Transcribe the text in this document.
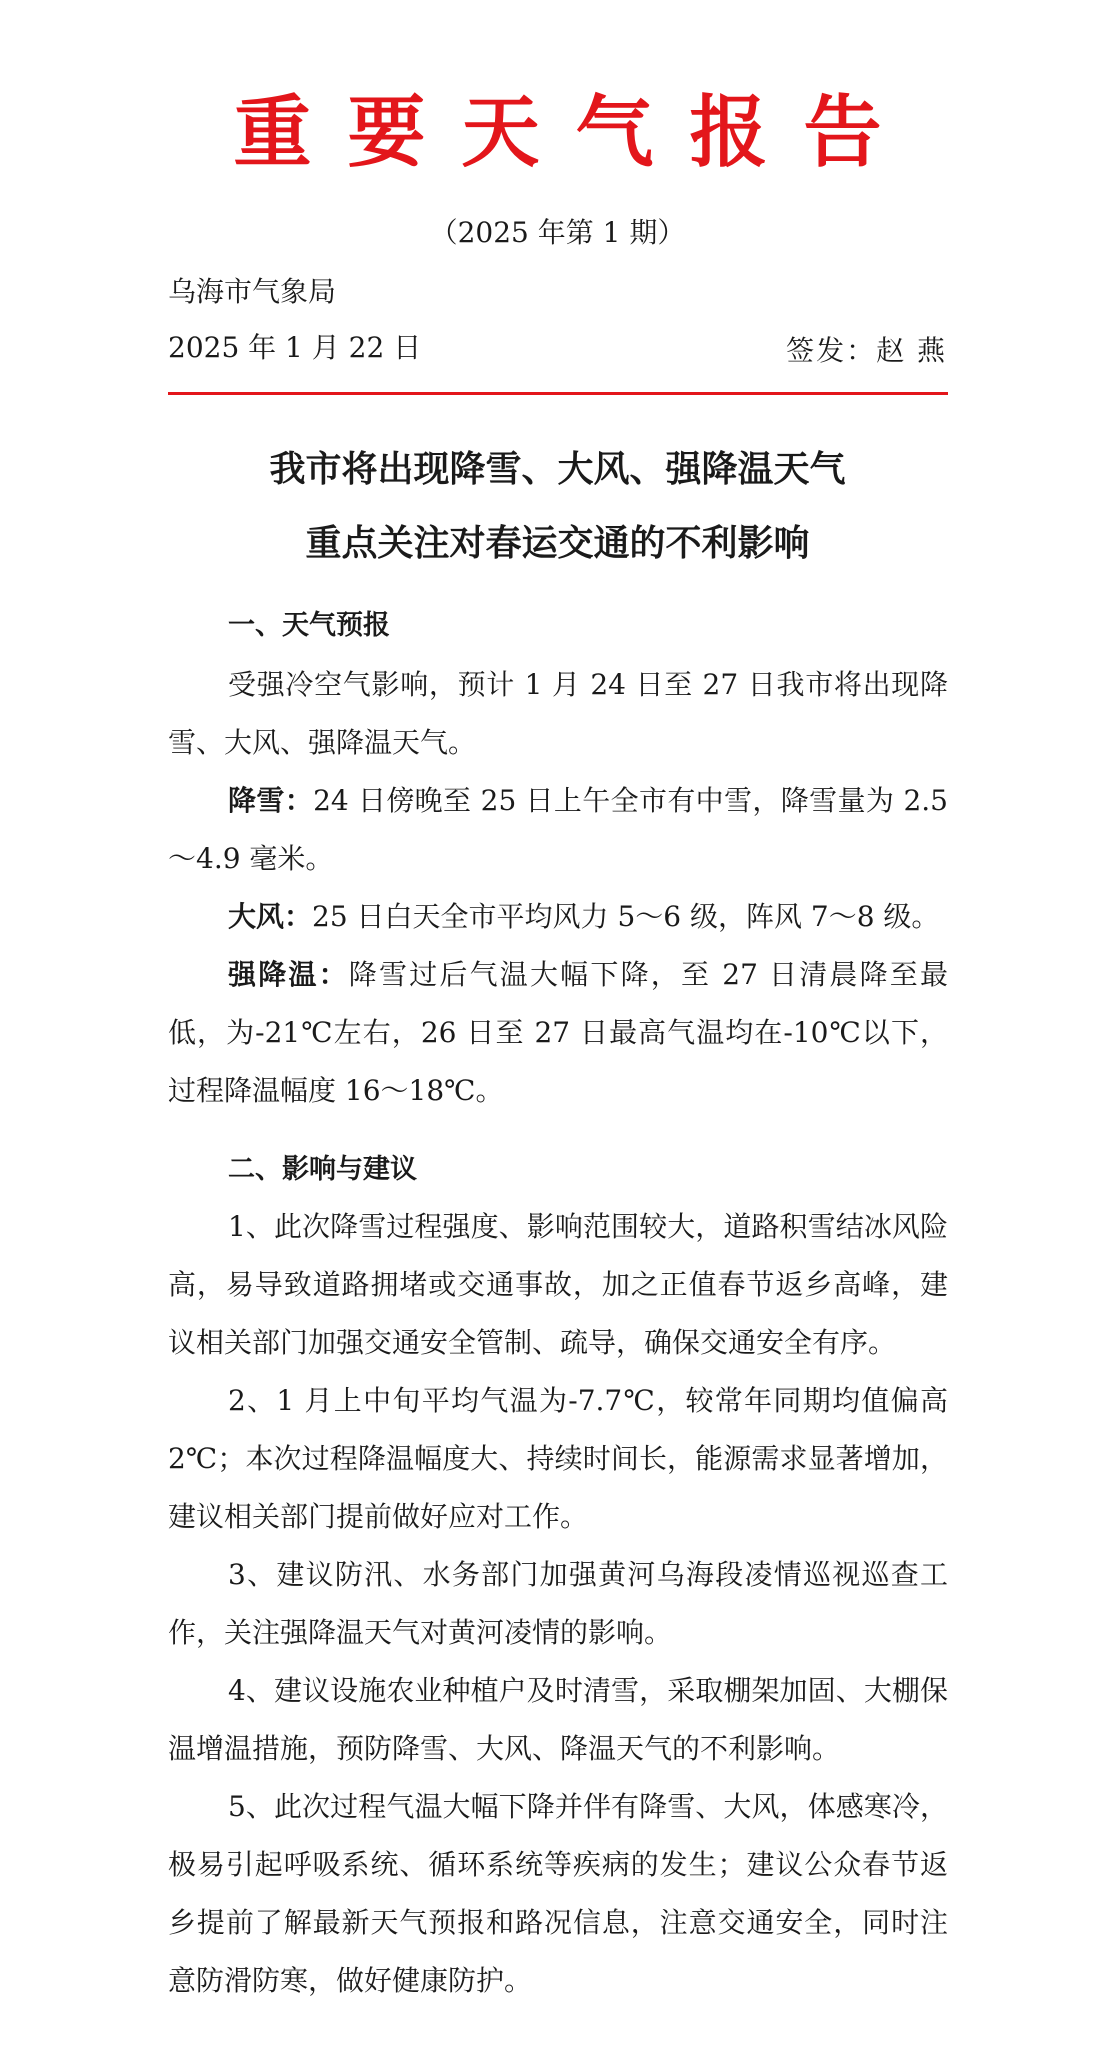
重要天气报告
（2025 年第 1 期）
乌海市气象局
2025 年 1 月 22 日	签发：赵 燕
我市将出现降雪、大风、强降温天气
重点关注对春运交通的不利影响
一、天气预报

受强冷空气影响，预计 1 月 24 日至 27 日我市将出现降雪、大风、强降温天气。

降雪：24 日傍晚至 25 日上午全市有中雪，降雪量为 2.5～4.9 毫米。

大风：25 日白天全市平均风力 5～6 级，阵风 7～8 级。

强降温：降雪过后气温大幅下降，至 27 日清晨降至最低，为-21℃左右，26 日至 27 日最高气温均在-10℃以下，过程降温幅度 16～18℃。

二、影响与建议

1、此次降雪过程强度、影响范围较大，道路积雪结冰风险高，易导致道路拥堵或交通事故，加之正值春节返乡高峰，建议相关部门加强交通安全管制、疏导，确保交通安全有序。

2、1 月上中旬平均气温为-7.7℃，较常年同期均值偏高 2℃；本次过程降温幅度大、持续时间长，能源需求显著增加，建议相关部门提前做好应对工作。

3、建议防汛、水务部门加强黄河乌海段凌情巡视巡查工作，关注强降温天气对黄河凌情的影响。

4、建议设施农业种植户及时清雪，采取棚架加固、大棚保温增温措施，预防降雪、大风、降温天气的不利影响。

5、此次过程气温大幅下降并伴有降雪、大风，体感寒冷，极易引起呼吸系统、循环系统等疾病的发生；建议公众春节返乡提前了解最新天气预报和路况信息，注意交通安全，同时注意防滑防寒，做好健康防护。
